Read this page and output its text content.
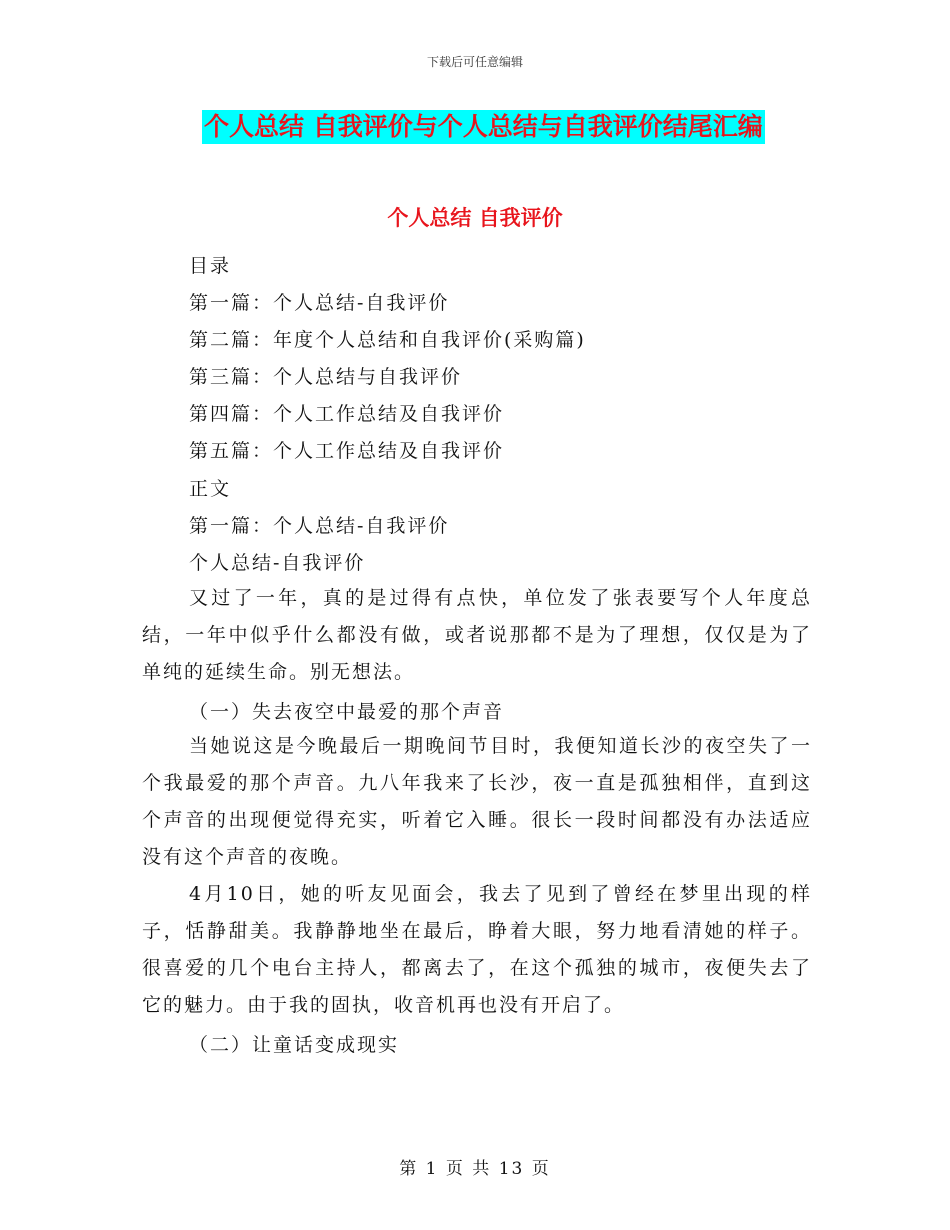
下载后可任意编辑
个人总结 自我评价与个人总结与自我评价结尾汇编
个人总结 自我评价
目录
第一篇：个人总结-自我评价
第二篇：年度个人总结和自我评价(采购篇)
第三篇：个人总结与自我评价
第四篇：个人工作总结及自我评价
第五篇：个人工作总结及自我评价
正文
第一篇：个人总结-自我评价
个人总结-自我评价
又过了一年，真的是过得有点快，单位发了张表要写个人年度总结，一年中似乎什么都没有做，或者说那都不是为了理想，仅仅是为了单纯的延续生命。别无想法。
（一）失去夜空中最爱的那个声音
当她说这是今晚最后一期晚间节目时，我便知道长沙的夜空失了一个我最爱的那个声音。九八年我来了长沙，夜一直是孤独相伴，直到这个声音的出现便觉得充实，听着它入睡。很长一段时间都没有办法适应没有这个声音的夜晚。
4月10日，她的听友见面会，我去了见到了曾经在梦里出现的样子，恬静甜美。我静静地坐在最后，睁着大眼，努力地看清她的样子。很喜爱的几个电台主持人，都离去了，在这个孤独的城市，夜便失去了它的魅力。由于我的固执，收音机再也没有开启了。
（二）让童话变成现实
第 1 页 共 13 页
